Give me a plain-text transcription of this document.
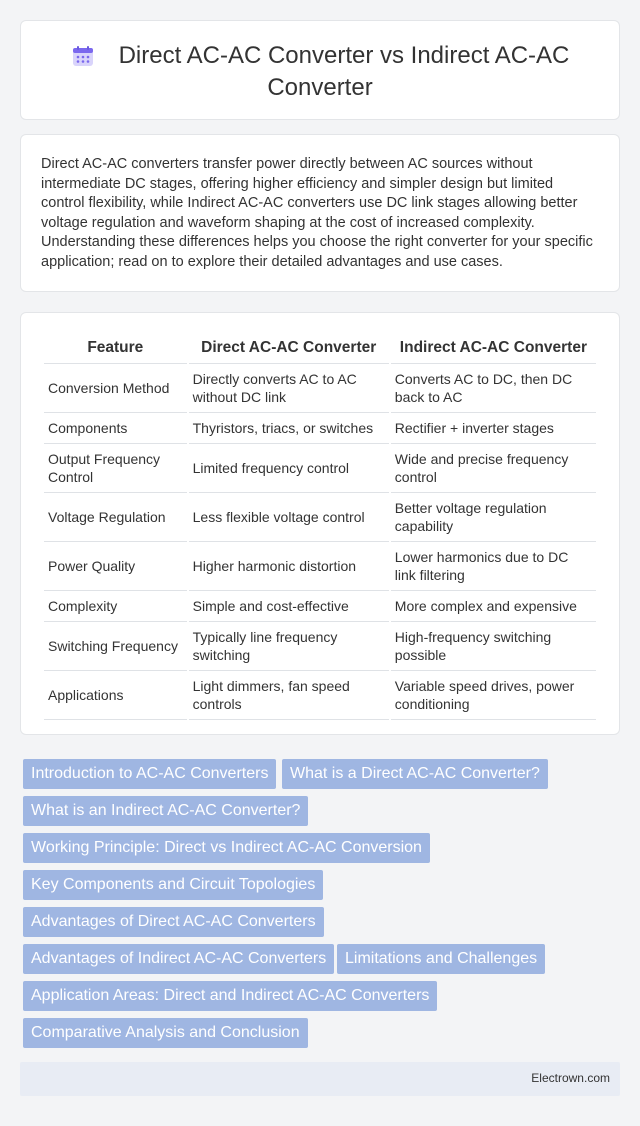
Direct AC-AC Converter vs Indirect AC-AC
Converter
Direct AC-AC converters transfer power directly between AC sources without intermediate DC stages, offering higher efficiency and simpler design but limited control flexibility, while Indirect AC-AC converters use DC link stages allowing better voltage regulation and waveform shaping at the cost of increased complexity. Understanding these differences helps you choose the right converter for your specific application; read on to explore their detailed advantages and use cases.
Feature	Direct AC-AC Converter	Indirect AC-AC Converter
Conversion Method	Directly converts AC to AC without DC link	Converts AC to DC, then DC back to AC
Components	Thyristors, triacs, or switches	Rectifier + inverter stages
Output Frequency Control	Limited frequency control	Wide and precise frequency control
Voltage Regulation	Less flexible voltage control	Better voltage regulation capability
Power Quality	Higher harmonic distortion	Lower harmonics due to DC link filtering
Complexity	Simple and cost-effective	More complex and expensive
Switching Frequency	Typically line frequency switching	High-frequency switching possible
Applications	Light dimmers, fan speed controls	Variable speed drives, power conditioning
Introduction to AC-AC Converters	What is a Direct AC-AC Converter?
What is an Indirect AC-AC Converter?
Working Principle: Direct vs Indirect AC-AC Conversion
Key Components and Circuit Topologies
Advantages of Direct AC-AC Converters
Advantages of Indirect AC-AC Converters	Limitations and Challenges
Application Areas: Direct and Indirect AC-AC Converters
Comparative Analysis and Conclusion
Electrown.com
